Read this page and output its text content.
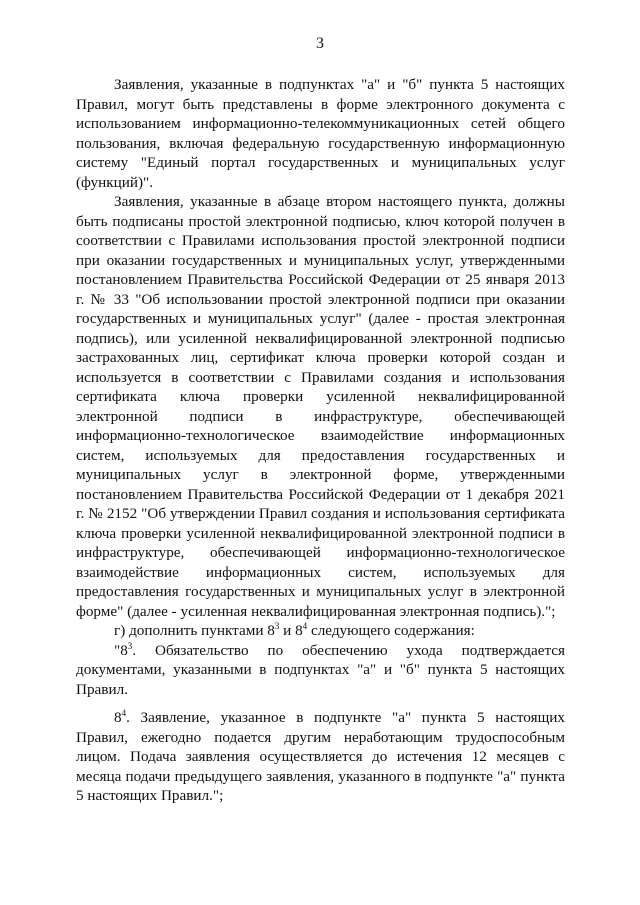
3

Заявления, указанные в подпунктах "а" и "б" пункта 5 настоящих Правил, могут быть представлены в форме электронного документа с использованием информационно-телекоммуникационных сетей общего пользования, включая федеральную государственную информационную систему "Единый портал государственных и муниципальных услуг (функций)".

Заявления, указанные в абзаце втором настоящего пункта, должны быть подписаны простой электронной подписью, ключ которой получен в соответствии с Правилами использования простой электронной подписи при оказании государственных и муниципальных услуг, утвержденными постановлением Правительства Российской Федерации от 25 января 2013 г. № 33 "Об использовании простой электронной подписи при оказании государственных и муниципальных услуг" (далее - простая электронная подпись), или усиленной неквалифицированной электронной подписью застрахованных лиц, сертификат ключа проверки которой создан и используется в соответствии с Правилами создания и использования сертификата ключа проверки усиленной неквалифицированной электронной подписи в инфраструктуре, обеспечивающей информационно-технологическое взаимодействие информационных систем, используемых для предоставления государственных и муниципальных услуг в электронной форме, утвержденными постановлением Правительства Российской Федерации от 1 декабря 2021 г. № 2152 "Об утверждении Правил создания и использования сертификата ключа проверки усиленной неквалифицированной электронной подписи в инфраструктуре, обеспечивающей информационно-технологическое взаимодействие информационных систем, используемых для предоставления государственных и муниципальных услуг в электронной форме" (далее - усиленная неквалифицированная электронная подпись).";

г) дополнить пунктами $8^3$ и $8^4$ следующего содержания:

"$8^3$. Обязательство по обеспечению ухода подтверждается документами, указанными в подпунктах "а" и "б" пункта 5 настоящих Правил.

$8^4$. Заявление, указанное в подпункте "а" пункта 5 настоящих Правил, ежегодно подается другим неработающим трудоспособным лицом. Подача заявления осуществляется до истечения 12 месяцев с месяца подачи предыдущего заявления, указанного в подпункте "а" пункта 5 настоящих Правил.";
